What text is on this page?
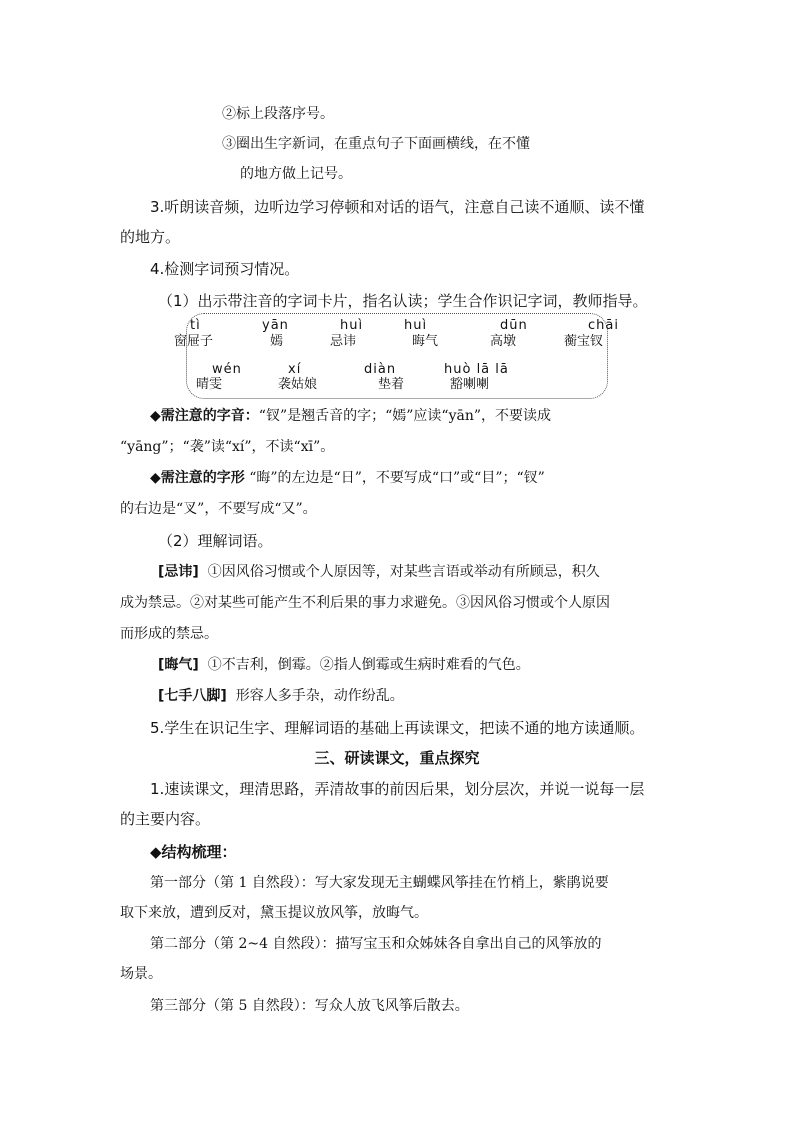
②标上段落序号。
③圈出生字新词，在重点句子下面画横线，在不懂
的地方做上记号。
3.听朗读音频，边听边学习停顿和对话的语气，注意自己读不通顺、读不懂
的地方。
4.检测字词预习情况。
（1）出示带注音的字词卡片，指名认读；学生合作识记字词，教师指导。
tì	yān	huì	huì	dūn	chāi
窗屉子	嫣	忌讳	晦气	高墩	蘅宝钗
wén	xí	diàn	huò lā lā
晴雯	袭姑娘	垫着	豁喇喇
◆需注意的字音：“钗”是翘舌音的字；“嫣”应读“yān”，不要读成
“yāng”；“袭”读“xí”，不读“xī”。
◆需注意的字形 “晦”的左边是“日”，不要写成“口”或“目”；“钗”
的右边是“叉”，不要写成“又”。
（2）理解词语。
[忌讳] ①因风俗习惯或个人原因等，对某些言语或举动有所顾忌，积久
成为禁忌。②对某些可能产生不利后果的事力求避免。③因风俗习惯或个人原因
而形成的禁忌。
[晦气] ①不吉利，倒霉。②指人倒霉或生病时难看的气色。
[七手八脚] 形容人多手杂，动作纷乱。
5.学生在识记生字、理解词语的基础上再读课文，把读不通的地方读通顺。
三、研读课文，重点探究
1.速读课文，理清思路，弄清故事的前因后果，划分层次，并说一说每一层
的主要内容。
◆结构梳理：
第一部分（第 1 自然段）：写大家发现无主蝴蝶风筝挂在竹梢上，紫鹃说要
取下来放，遭到反对，黛玉提议放风筝，放晦气。
第二部分（第 2~4 自然段）：描写宝玉和众姊妹各自拿出自己的风筝放的
场景。
第三部分（第 5 自然段）：写众人放飞风筝后散去。
